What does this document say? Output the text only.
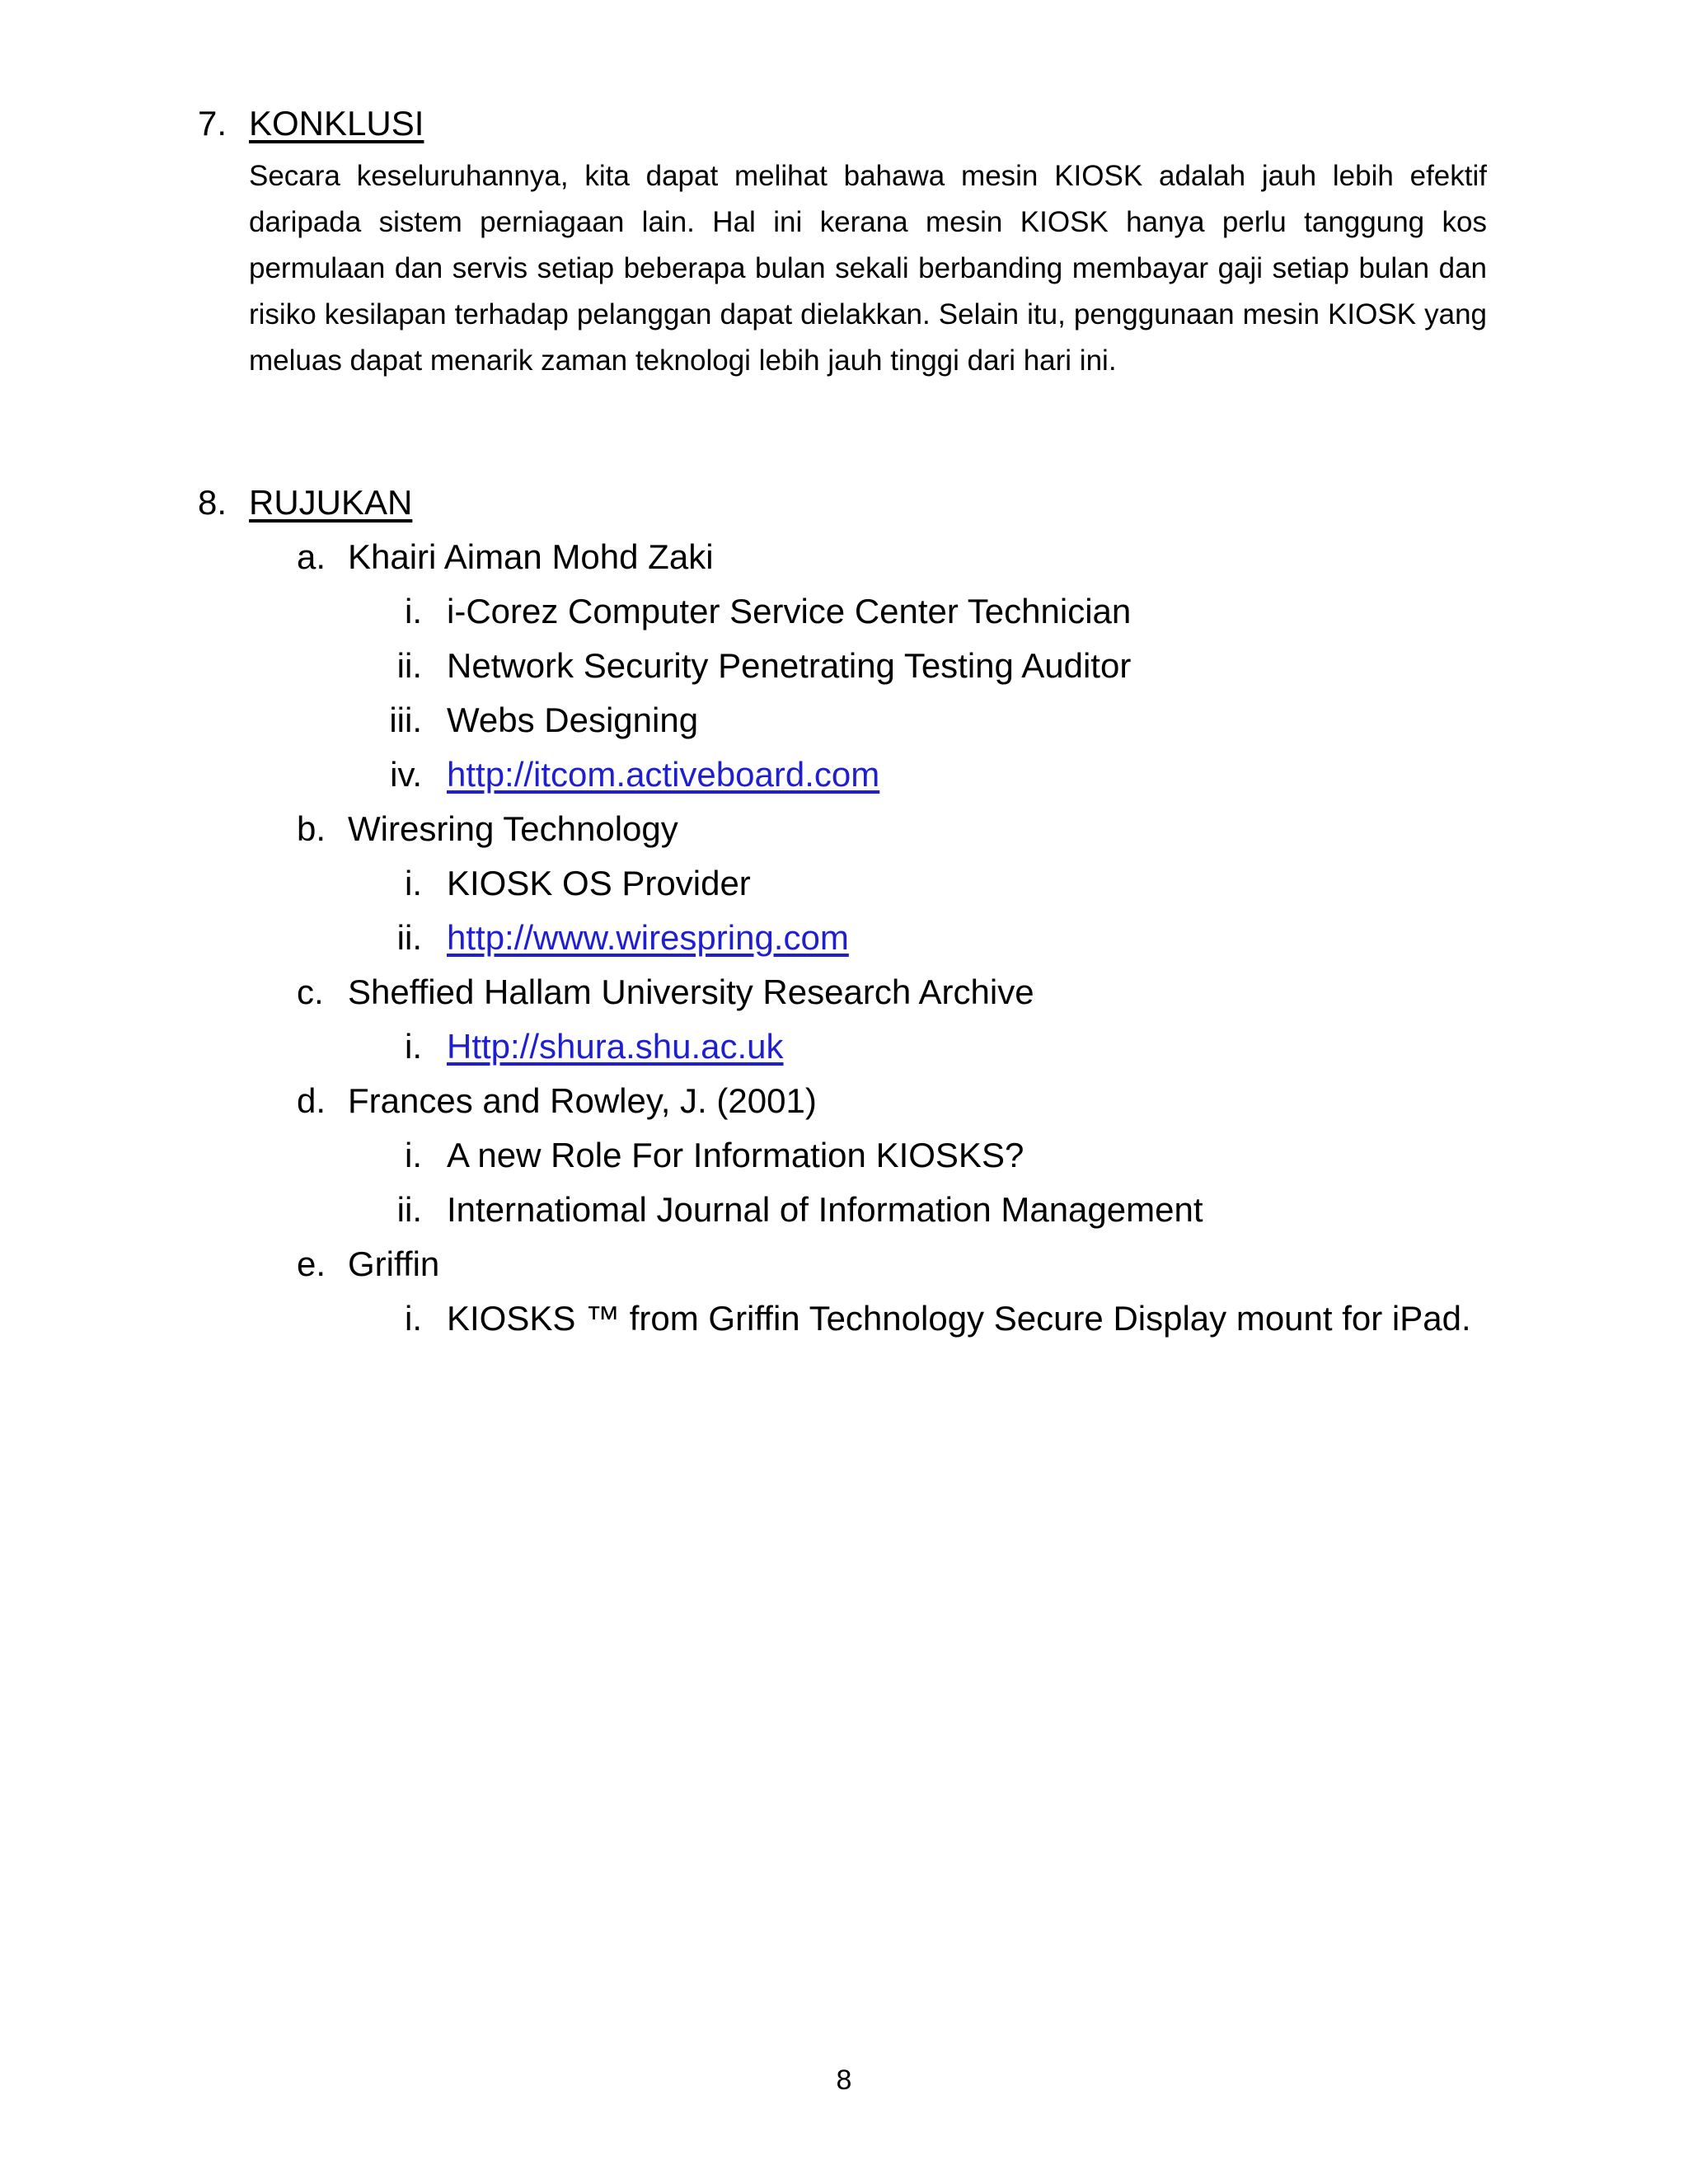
7. KONKLUSI

Secara keseluruhannya, kita dapat melihat bahawa mesin KIOSK adalah jauh lebih efektif daripada sistem perniagaan lain. Hal ini kerana mesin KIOSK hanya perlu tanggung kos permulaan dan servis setiap beberapa bulan sekali berbanding membayar gaji setiap bulan dan risiko kesilapan terhadap pelanggan dapat dielakkan. Selain itu, penggunaan mesin KIOSK yang meluas dapat menarik zaman teknologi lebih jauh tinggi dari hari ini.

8. RUJUKAN
a. Khairi Aiman Mohd Zaki
i. i-Corez Computer Service Center Technician
ii. Network Security Penetrating Testing Auditor
iii. Webs Designing
iv. http://itcom.activeboard.com
b. Wiresring Technology
i. KIOSK OS Provider
ii. http://www.wirespring.com
c. Sheffied Hallam University Research Archive
i. Http://shura.shu.ac.uk
d. Frances and Rowley, J. (2001)
i. A new Role For Information KIOSKS?
ii. Internatiomal Journal of Information Management
e. Griffin
i. KIOSKS ™ from Griffin Technology Secure Display mount for iPad.
8
